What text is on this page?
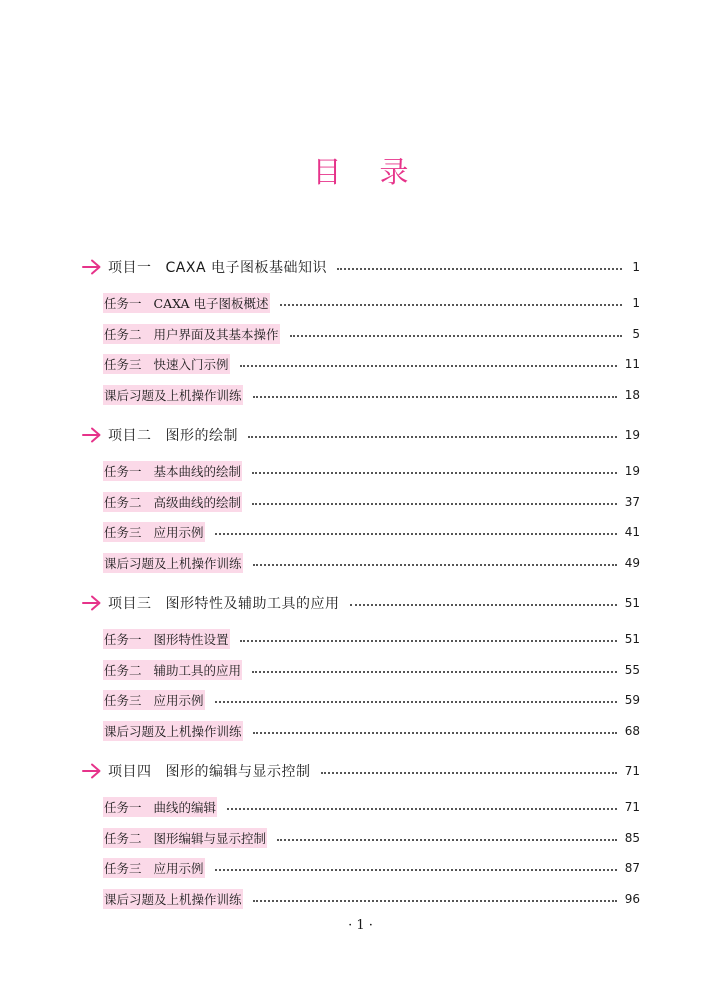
目 录
项目一 CAXA 电子图板基础知识	1
任务一 CAXA 电子图板概述	1
任务二 用户界面及其基本操作	5
任务三 快速入门示例	11
课后习题及上机操作训练	18
项目二 图形的绘制	19
任务一 基本曲线的绘制	19
任务二 高级曲线的绘制	37
任务三 应用示例	41
课后习题及上机操作训练	49
项目三 图形特性及辅助工具的应用	51
任务一 图形特性设置	51
任务二 辅助工具的应用	55
任务三 应用示例	59
课后习题及上机操作训练	68
项目四 图形的编辑与显示控制	71
任务一 曲线的编辑	71
任务二 图形编辑与显示控制	85
任务三 应用示例	87
课后习题及上机操作训练	96
· 1 ·
